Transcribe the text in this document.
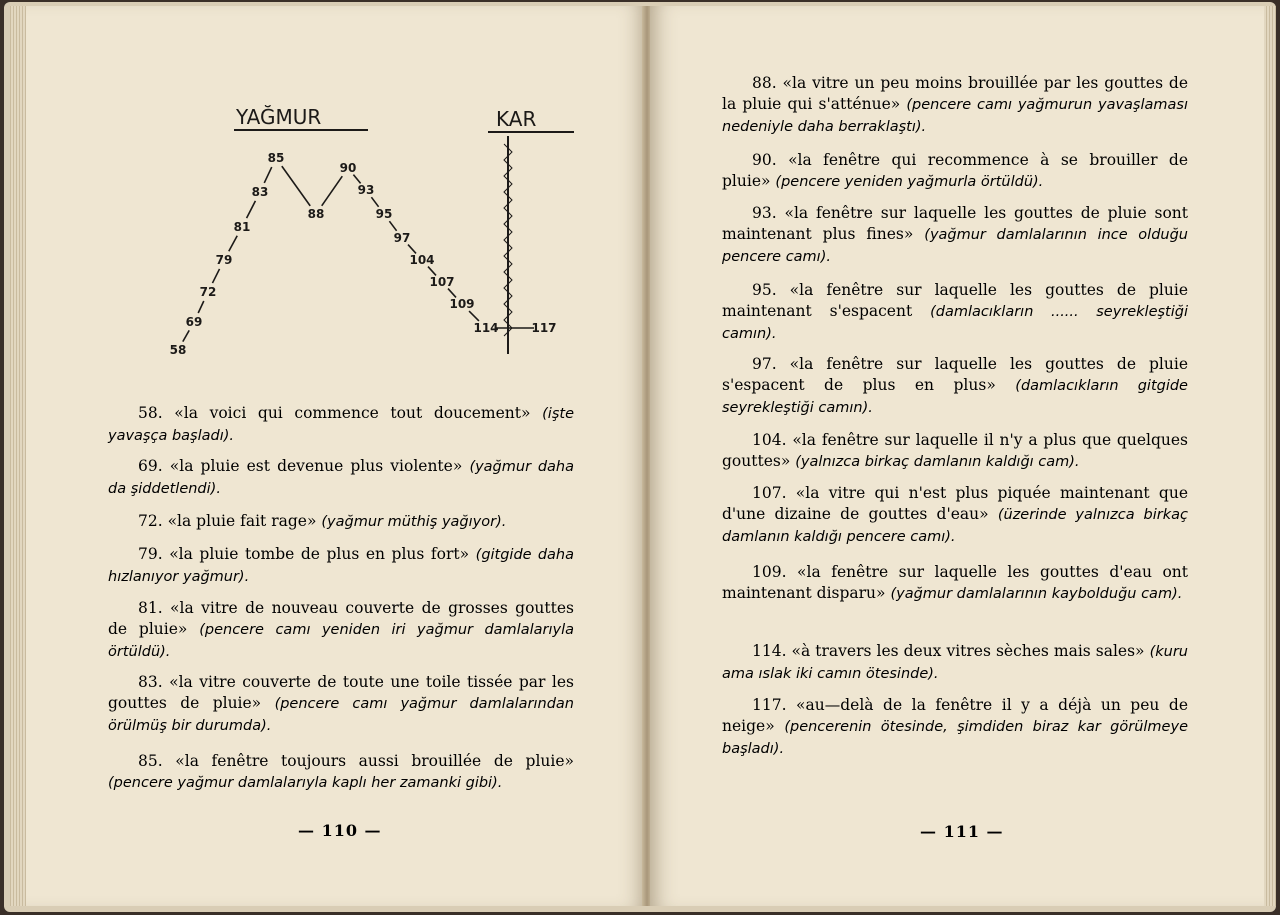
YAĞMUR	KAR
58
69
72
79
81
83
85
88
90
93
95
97
104
107
109
114	117
— 110 —	— 111 —

58. «la voici qui commence tout doucement» (işte yavaşça başladı).

69. «la pluie est devenue plus violente» (yağmur daha da şiddetlendi).

72. «la pluie fait rage» (yağmur müthiş yağıyor).

79. «la pluie tombe de plus en plus fort» (gitgide daha hızlanıyor yağmur).

81. «la vitre de nouveau couverte de grosses gouttes de pluie» (pencere camı yeniden iri yağmur damlalarıyla örtüldü).

83. «la vitre couverte de toute une toile tissée par les gouttes de pluie» (pencere camı yağmur damlalarından örülmüş bir durumda).

85. «la fenêtre toujours aussi brouillée de pluie» (pencere yağmur damlalarıyla kaplı her zamanki gibi).

88. «la vitre un peu moins brouillée par les gouttes de la pluie qui s'atténue» (pencere camı yağmurun yavaşlaması nedeniyle daha berraklaştı).

90. «la fenêtre qui recommence à se brouiller de pluie» (pencere yeniden yağmurla örtüldü).

93. «la fenêtre sur laquelle les gouttes de pluie sont maintenant plus fines» (yağmur damlalarının ince olduğu pencere camı).

95. «la fenêtre sur laquelle les gouttes de pluie maintenant s'espacent (damlacıkların ...... seyrekleştiği camın).

97. «la fenêtre sur laquelle les gouttes de pluie s'espacent de plus en plus» (damlacıkların gitgide seyrekleştiği camın).

104. «la fenêtre sur laquelle il n'y a plus que quelques gouttes» (yalnızca birkaç damlanın kaldığı cam).

107. «la vitre qui n'est plus piquée maintenant que d'une dizaine de gouttes d'eau» (üzerinde yalnızca birkaç damlanın kaldığı pencere camı).

109. «la fenêtre sur laquelle les gouttes d'eau ont maintenant disparu» (yağmur damlalarının kaybolduğu cam).

114. «à travers les deux vitres sèches mais sales» (kuru ama ıslak iki camın ötesinde).

117. «au—delà de la fenêtre il y a déjà un peu de neige» (pencerenin ötesinde, şimdiden biraz kar görülmeye başladı).
